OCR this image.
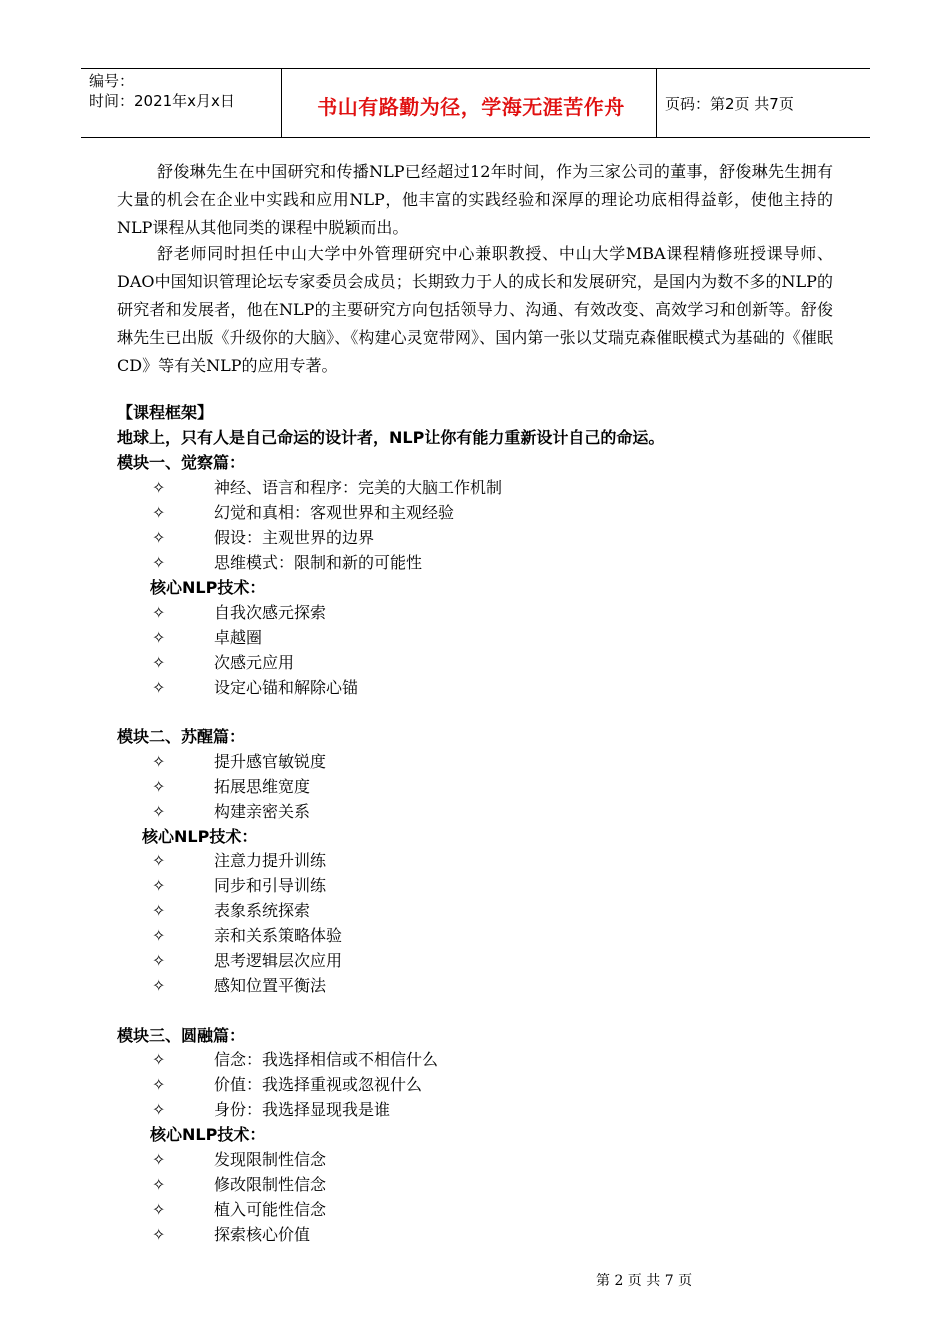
编号：
时间：2021年x月x日	书山有路勤为径，学海无涯苦作舟	页码：第2页 共7页

舒俊琳先生在中国研究和传播NLP已经超过12年时间，作为三家公司的董事，舒俊琳先生拥有大量的机会在企业中实践和应用NLP，他丰富的实践经验和深厚的理论功底相得益彰，使他主持的NLP课程从其他同类的课程中脱颖而出。

舒老师同时担任中山大学中外管理研究中心兼职教授、中山大学MBA课程精修班授课导师、DAO中国知识管理论坛专家委员会成员；长期致力于人的成长和发展研究，是国内为数不多的NLP的研究者和发展者，他在NLP的主要研究方向包括领导力、沟通、有效改变、高效学习和创新等。舒俊琳先生已出版《升级你的大脑》、《构建心灵宽带网》、国内第一张以艾瑞克森催眠模式为基础的《催眠CD》等有关NLP的应用专著。

【课程框架】
地球上，只有人是自己命运的设计者，NLP让你有能力重新设计自己的命运。
模块一、觉察篇：
✧	神经、语言和程序：完美的大脑工作机制
✧	幻觉和真相：客观世界和主观经验
✧	假设：主观世界的边界
✧	思维模式：限制和新的可能性
核心NLP技术：
✧	自我次感元探索
✧	卓越圈
✧	次感元应用
✧	设定心锚和解除心锚
模块二、苏醒篇：
✧	提升感官敏锐度
✧	拓展思维宽度
✧	构建亲密关系
核心NLP技术：
✧	注意力提升训练
✧	同步和引导训练
✧	表象系统探索
✧	亲和关系策略体验
✧	思考逻辑层次应用
✧	感知位置平衡法
模块三、圆融篇：
✧	信念：我选择相信或不相信什么
✧	价值：我选择重视或忽视什么
✧	身份：我选择显现我是谁
核心NLP技术：
✧	发现限制性信念
✧	修改限制性信念
✧	植入可能性信念
✧	探索核心价值
第 2 页 共 7 页
